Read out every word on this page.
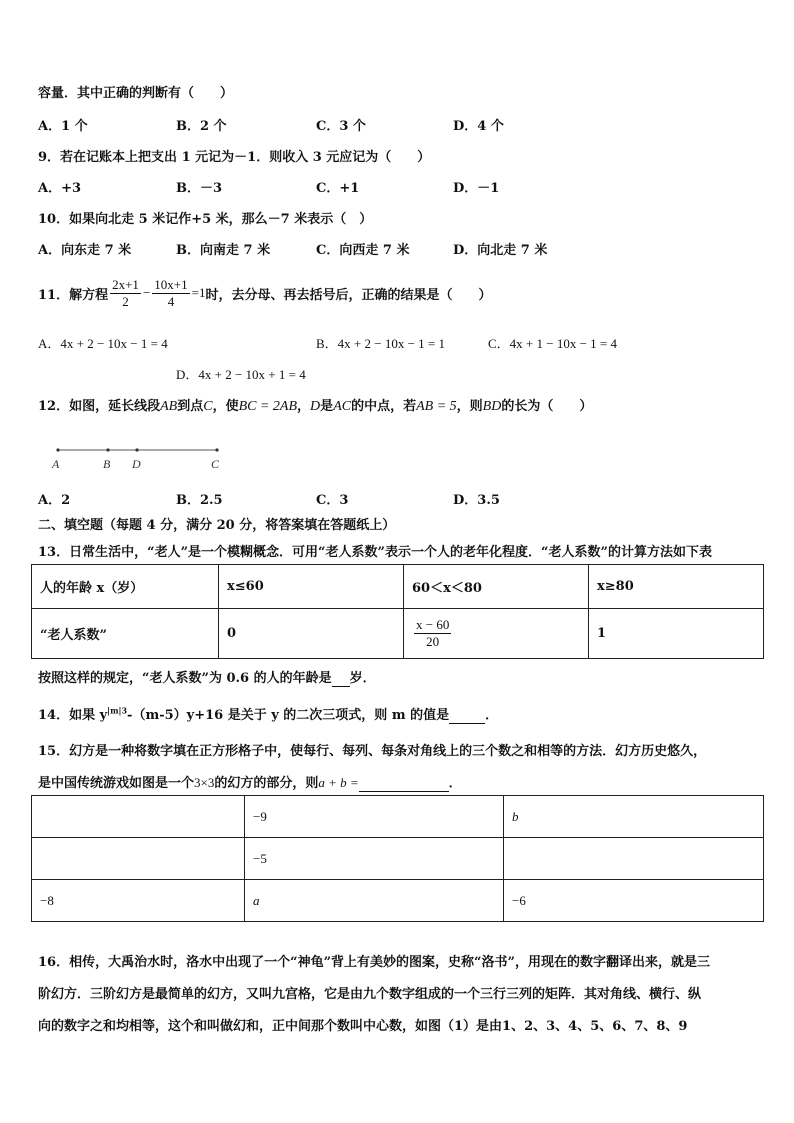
容量．其中正确的判断有（　　）
A．1 个	B．2 个	C．3 个	D．4 个
9．若在记账本上把支出 1 元记为－1．则收入 3 元应记为（　　）
A．+3	B．－3	C．+1	D．－1
10．如果向北走 5 米记作+5 米，那么－7 米表示（　）
A．向东走 7 米	B．向南走 7 米	C．向西走 7 米	D．向北走 7 米
11．解方程 $\frac{2x+1}{2} - \frac{10x+1}{4} =1$ 时，去分母、再去括号后，正确的结果是（　　）
A．4x + 2 − 10x − 1 = 4	B．4x + 2 − 10x − 1 = 1	C．4x + 1 − 10x − 1 = 4
D．4x + 2 − 10x + 1 = 4
12．如图，延长线段AB到点C，使BC = 2AB，D是AC的中点，若AB = 5，则BD的长为（　　）
A	B D	C
A．2	B．2.5	C．3	D．3.5
二、填空题（每题 4 分，满分 20 分，将答案填在答题纸上）
13．日常生活中，“老人”是一个模糊概念．可用“老人系数”表示一个人的老年化程度．“老人系数”的计算方法如下表
人的年龄 x（岁）	x≤60	60＜x＜80	x≥80
“老人系数”	0	$\frac{x - 60}{20}$	1
按照这样的规定，“老人系数”为 0.6 的人的年龄是 岁．
14．如果 $y^{|m|3}-(m-5)y+16$ 是关于 y 的二次三项式，则 m 的值是	．
15．幻方是一种将数字填在正方形格子中，使每行、每列、每条对角线上的三个数之和相等的方法．幻方历史悠久，
是中国传统游戏如图是一个3×3的幻方的部分，则a + b =	．
	−9	b
	−5	
−8	a	−6
16．相传，大禹治水时，洛水中出现了一个“神龟”背上有美妙的图案，史称“洛书”，用现在的数字翻译出来，就是三
阶幻方．三阶幻方是最简单的幻方，又叫九宫格，它是由九个数字组成的一个三行三列的矩阵．其对角线、横行、纵
向的数字之和均相等，这个和叫做幻和，正中间那个数叫中心数，如图（1）是由1、2、3、4、5、6、7、8、9
